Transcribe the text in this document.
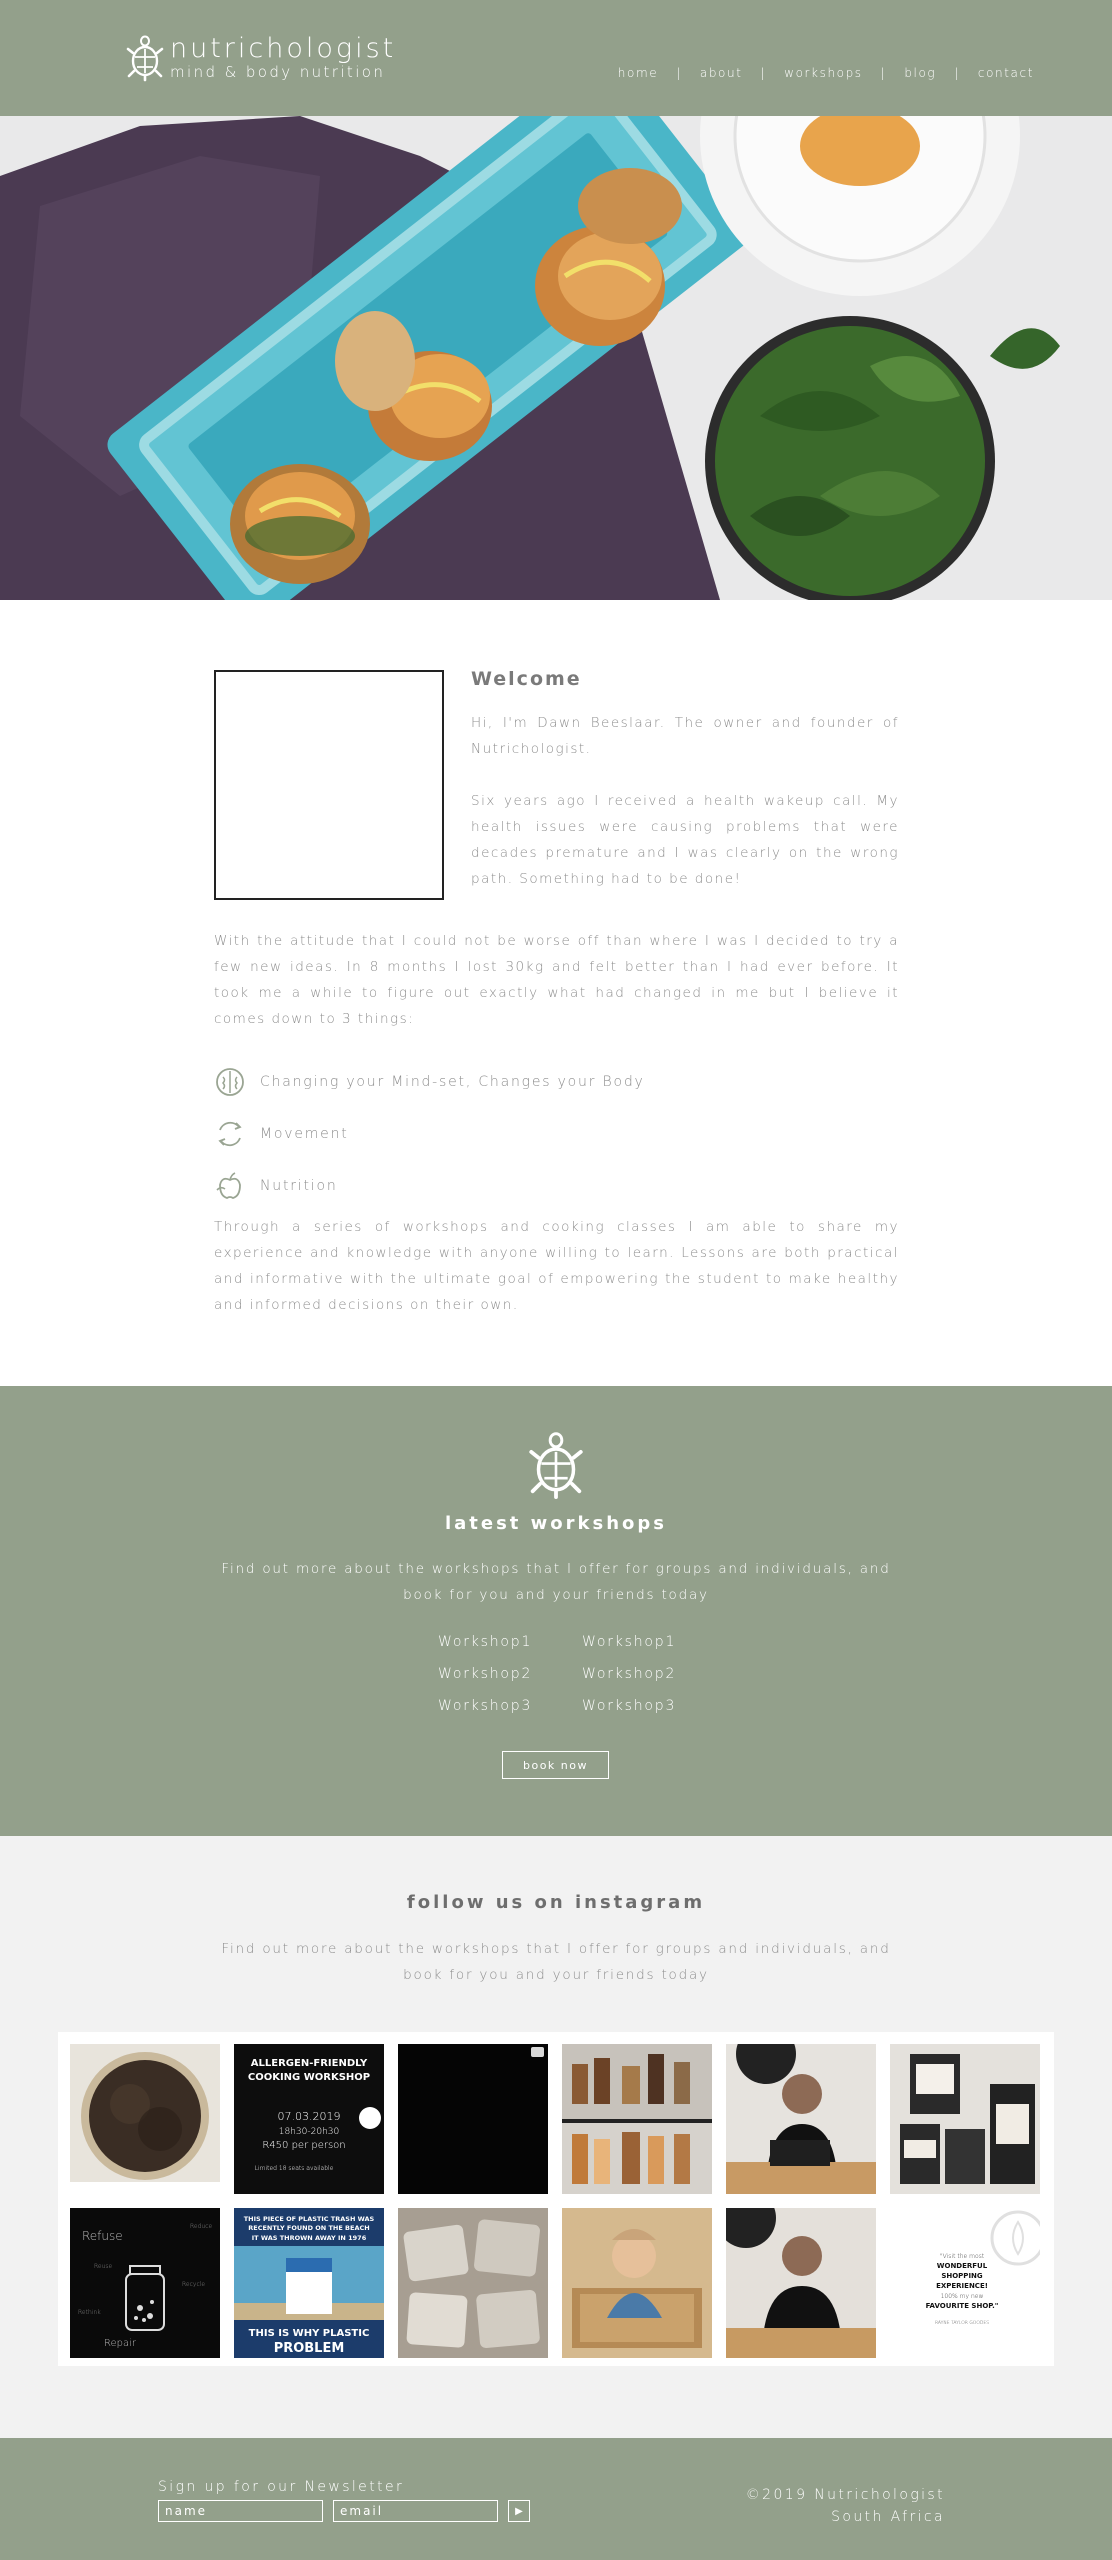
nutrichologist
mind & body nutrition	home | about | workshops | blog | contact
Welcome

Hi, I'm Dawn Beeslaar. The owner and founder of Nutrichologist.

Six years ago I received a health wakeup call. My health issues were causing problems that were decades premature and I was clearly on the wrong path. Something had to be done!

With the attitude that I could not be worse off than where I was I decided to try a few new ideas. In 8 months I lost 30kg and felt better than I had ever before. It took me a while to figure out exactly what had changed in me but I believe it comes down to 3 things:

Changing your Mind-set, Changes your Body
Movement
Nutrition

Through a series of workshops and cooking classes I am able to share my experience and knowledge with anyone willing to learn. Lessons are both practical and informative with the ultimate goal of empowering the student to make healthy and informed decisions on their own.

latest workshops

Find out more about the workshops that I offer for groups and individuals, and book for you and your friends today

Workshop1	Workshop1
Workshop2	Workshop2
Workshop3	Workshop3
book now
follow us on instagram

Find out more about the workshops that I offer for groups and individuals, and book for you and your friends today

ALLERGEN-FRIENDLY
COOKING WORKSHOP
07.03.2019
18h30-20h30
R450 per person
Limited 18 seats available
Refuse
Reduce
Reuse
Recycle
Rethink
Repair
THIS PIECE OF PLASTIC TRASH WAS
RECENTLY FOUND ON THE BEACH
IT WAS THROWN AWAY IN 1976
THIS IS WHY PLASTIC
PROBLEM
"Visit the most
WONDERFUL
SHOPPING
EXPERIENCE!
100% my new
FAVOURITE SHOP."
RAYNE TAYLOR GOODES
Sign up for our Newsletter
name
email
▶
©2019 Nutrichologist
South Africa
